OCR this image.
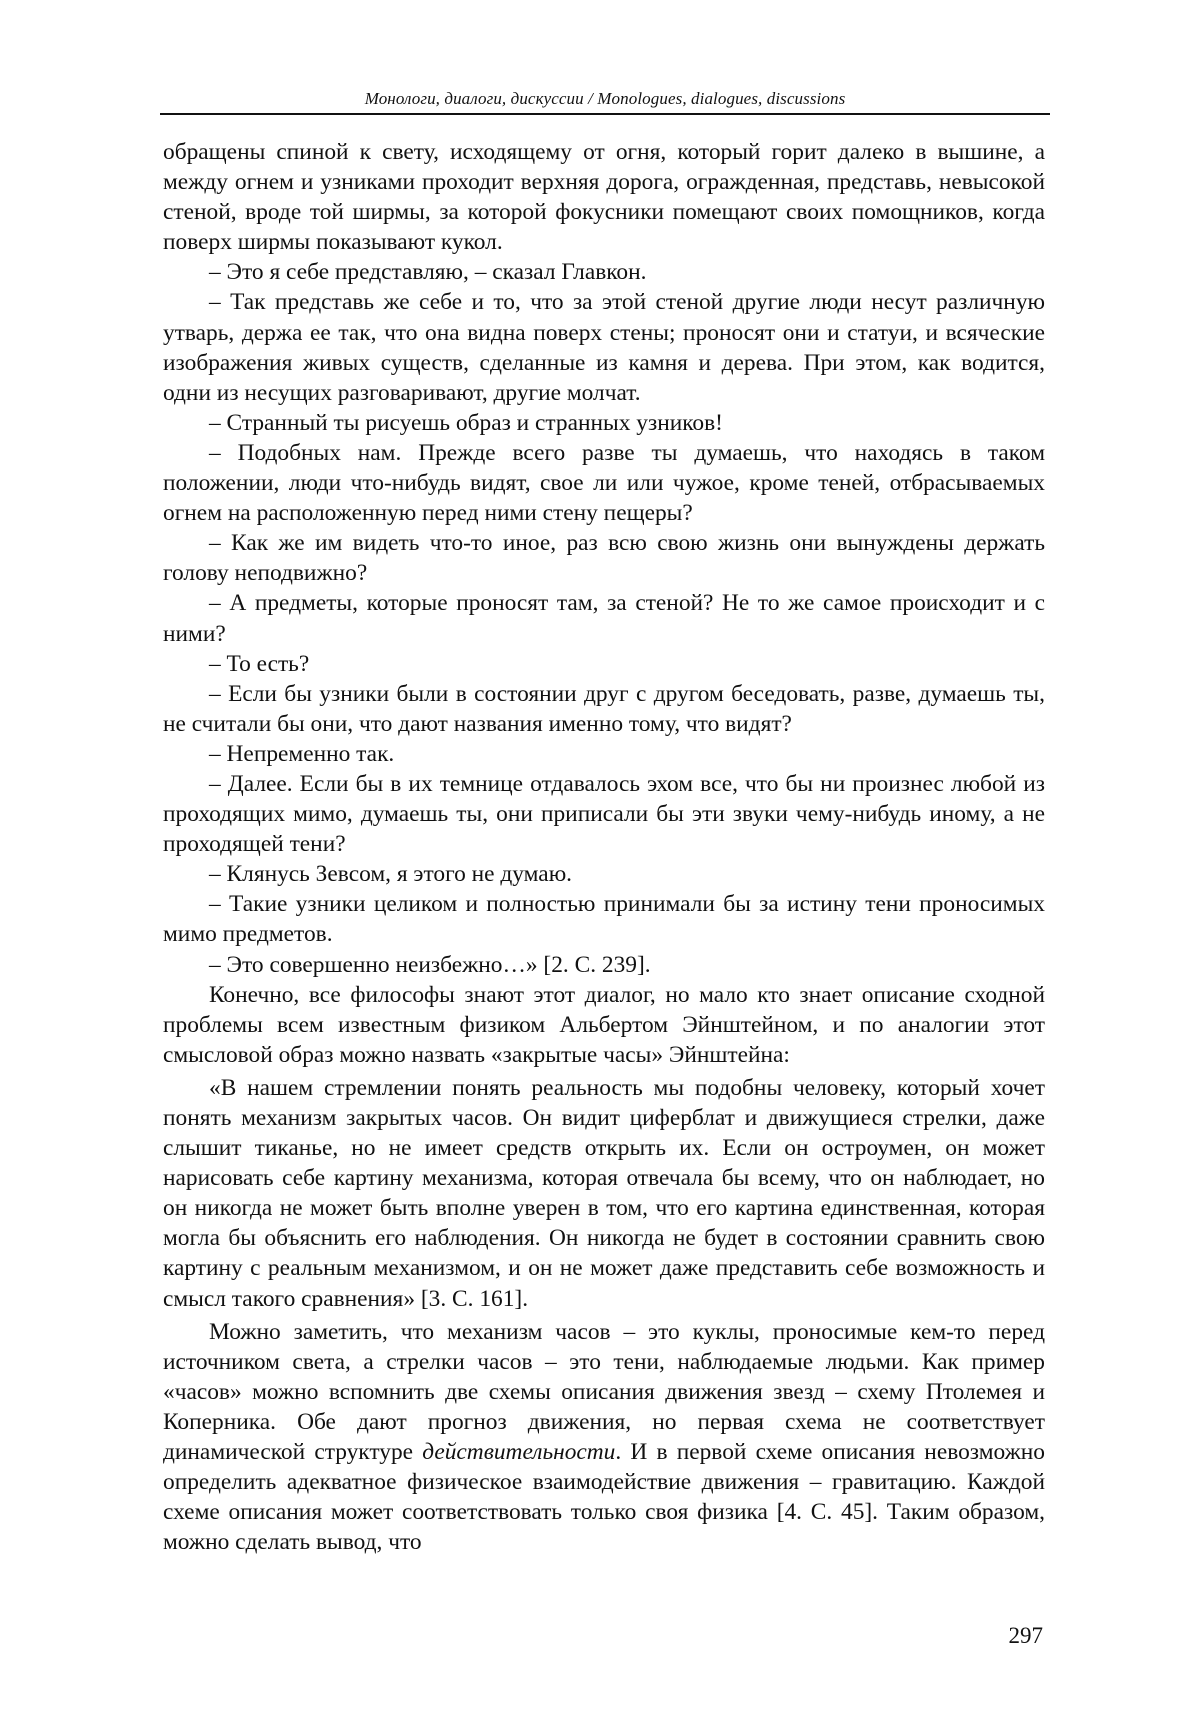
Монологи, диалоги, дискуссии / Monologues, dialogues, discussions

обращены спиной к свету, исходящему от огня, который горит далеко в вышине, а между огнем и узниками проходит верхняя дорога, огражденная, представь, невысокой стеной, вроде той ширмы, за которой фокусники помещают своих помощников, когда поверх ширмы показывают кукол.

– Это я себе представляю, – сказал Главкон.

– Так представь же себе и то, что за этой стеной другие люди несут различную утварь, держа ее так, что она видна поверх стены; проносят они и статуи, и всяческие изображения живых существ, сделанные из камня и дерева. При этом, как водится, одни из несущих разговаривают, другие молчат.

– Странный ты рисуешь образ и странных узников!

– Подобных нам. Прежде всего разве ты думаешь, что находясь в таком положении, люди что-нибудь видят, свое ли или чужое, кроме теней, отбрасываемых огнем на расположенную перед ними стену пещеры?

– Как же им видеть что-то иное, раз всю свою жизнь они вынуждены держать голову неподвижно?

– А предметы, которые проносят там, за стеной? Не то же самое происходит и с ними?

– То есть?

– Если бы узники были в состоянии друг с другом беседовать, разве, думаешь ты, не считали бы они, что дают названия именно тому, что видят?

– Непременно так.

– Далее. Если бы в их темнице отдавалось эхом все, что бы ни произнес любой из проходящих мимо, думаешь ты, они приписали бы эти звуки чему-нибудь иному, а не проходящей тени?

– Клянусь Зевсом, я этого не думаю.

– Такие узники целиком и полностью принимали бы за истину тени проносимых мимо предметов.

– Это совершенно неизбежно…» [2. С. 239].

Конечно, все философы знают этот диалог, но мало кто знает описание сходной проблемы всем известным физиком Альбертом Эйнштейном, и по аналогии этот смысловой образ можно назвать «закрытые часы» Эйнштейна:

«В нашем стремлении понять реальность мы подобны человеку, который хочет понять механизм закрытых часов. Он видит циферблат и движущиеся стрелки, даже слышит тиканье, но не имеет средств открыть их. Если он остроумен, он может нарисовать себе картину механизма, которая отвечала бы всему, что он наблюдает, но он никогда не может быть вполне уверен в том, что его картина единственная, которая могла бы объяснить его наблюдения. Он никогда не будет в состоянии сравнить свою картину с реальным механизмом, и он не может даже представить себе возможность и смысл такого сравнения» [3. С. 161].

Можно заметить, что механизм часов – это куклы, проносимые кем-то перед источником света, а стрелки часов – это тени, наблюдаемые людьми. Как пример «часов» можно вспомнить две схемы описания движения звезд – схему Птолемея и Коперника. Обе дают прогноз движения, но первая схема не соответствует динамической структуре действительности. И в первой схеме описания невозможно определить адекватное физическое взаимодействие движения – гравитацию. Каждой схеме описания может соответствовать только своя физика [4. С. 45]. Таким образом, можно сделать вывод, что

297
